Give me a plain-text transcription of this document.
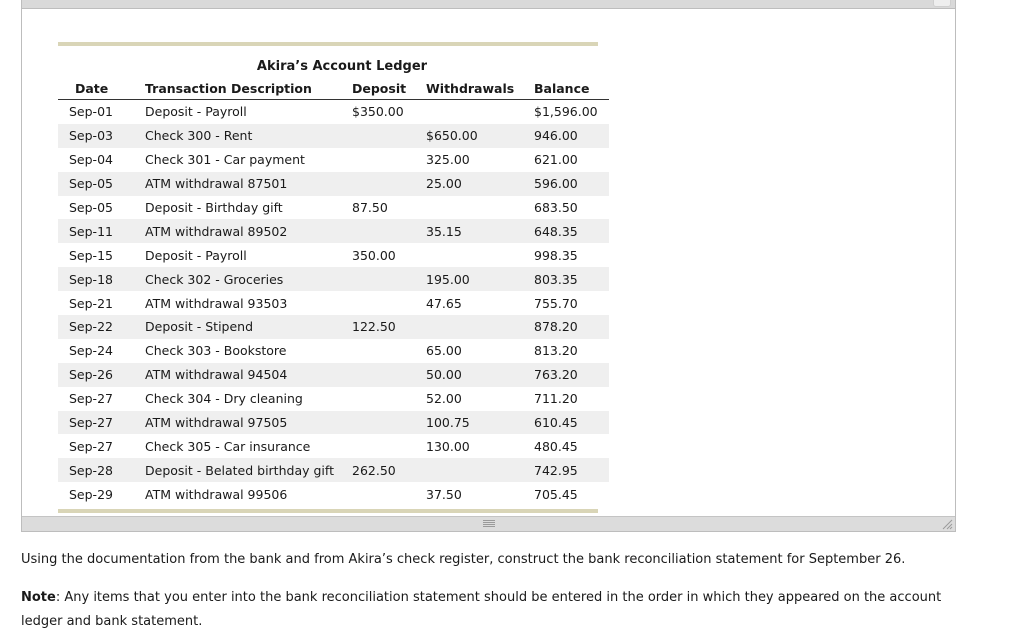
Akira’s Account Ledger
Date	Transaction Description	Deposit	Withdrawals	Balance
Sep-01	Deposit - Payroll	$350.00		$1,596.00
Sep-03	Check 300 - Rent		$650.00	946.00
Sep-04	Check 301 - Car payment		325.00	621.00
Sep-05	ATM withdrawal 87501		25.00	596.00
Sep-05	Deposit - Birthday gift	87.50		683.50
Sep-11	ATM withdrawal 89502		35.15	648.35
Sep-15	Deposit - Payroll	350.00		998.35
Sep-18	Check 302 - Groceries		195.00	803.35
Sep-21	ATM withdrawal 93503		47.65	755.70
Sep-22	Deposit - Stipend	122.50		878.20
Sep-24	Check 303 - Bookstore		65.00	813.20
Sep-26	ATM withdrawal 94504		50.00	763.20
Sep-27	Check 304 - Dry cleaning		52.00	711.20
Sep-27	ATM withdrawal 97505		100.75	610.45
Sep-27	Check 305 - Car insurance		130.00	480.45
Sep-28	Deposit - Belated birthday gift	262.50		742.95
Sep-29	ATM withdrawal 99506		37.50	705.45

Using the documentation from the bank and from Akira’s check register, construct the bank reconciliation statement for September 26.

Note: Any items that you enter into the bank reconciliation statement should be entered in the order in which they appeared on the account ledger and bank statement.
